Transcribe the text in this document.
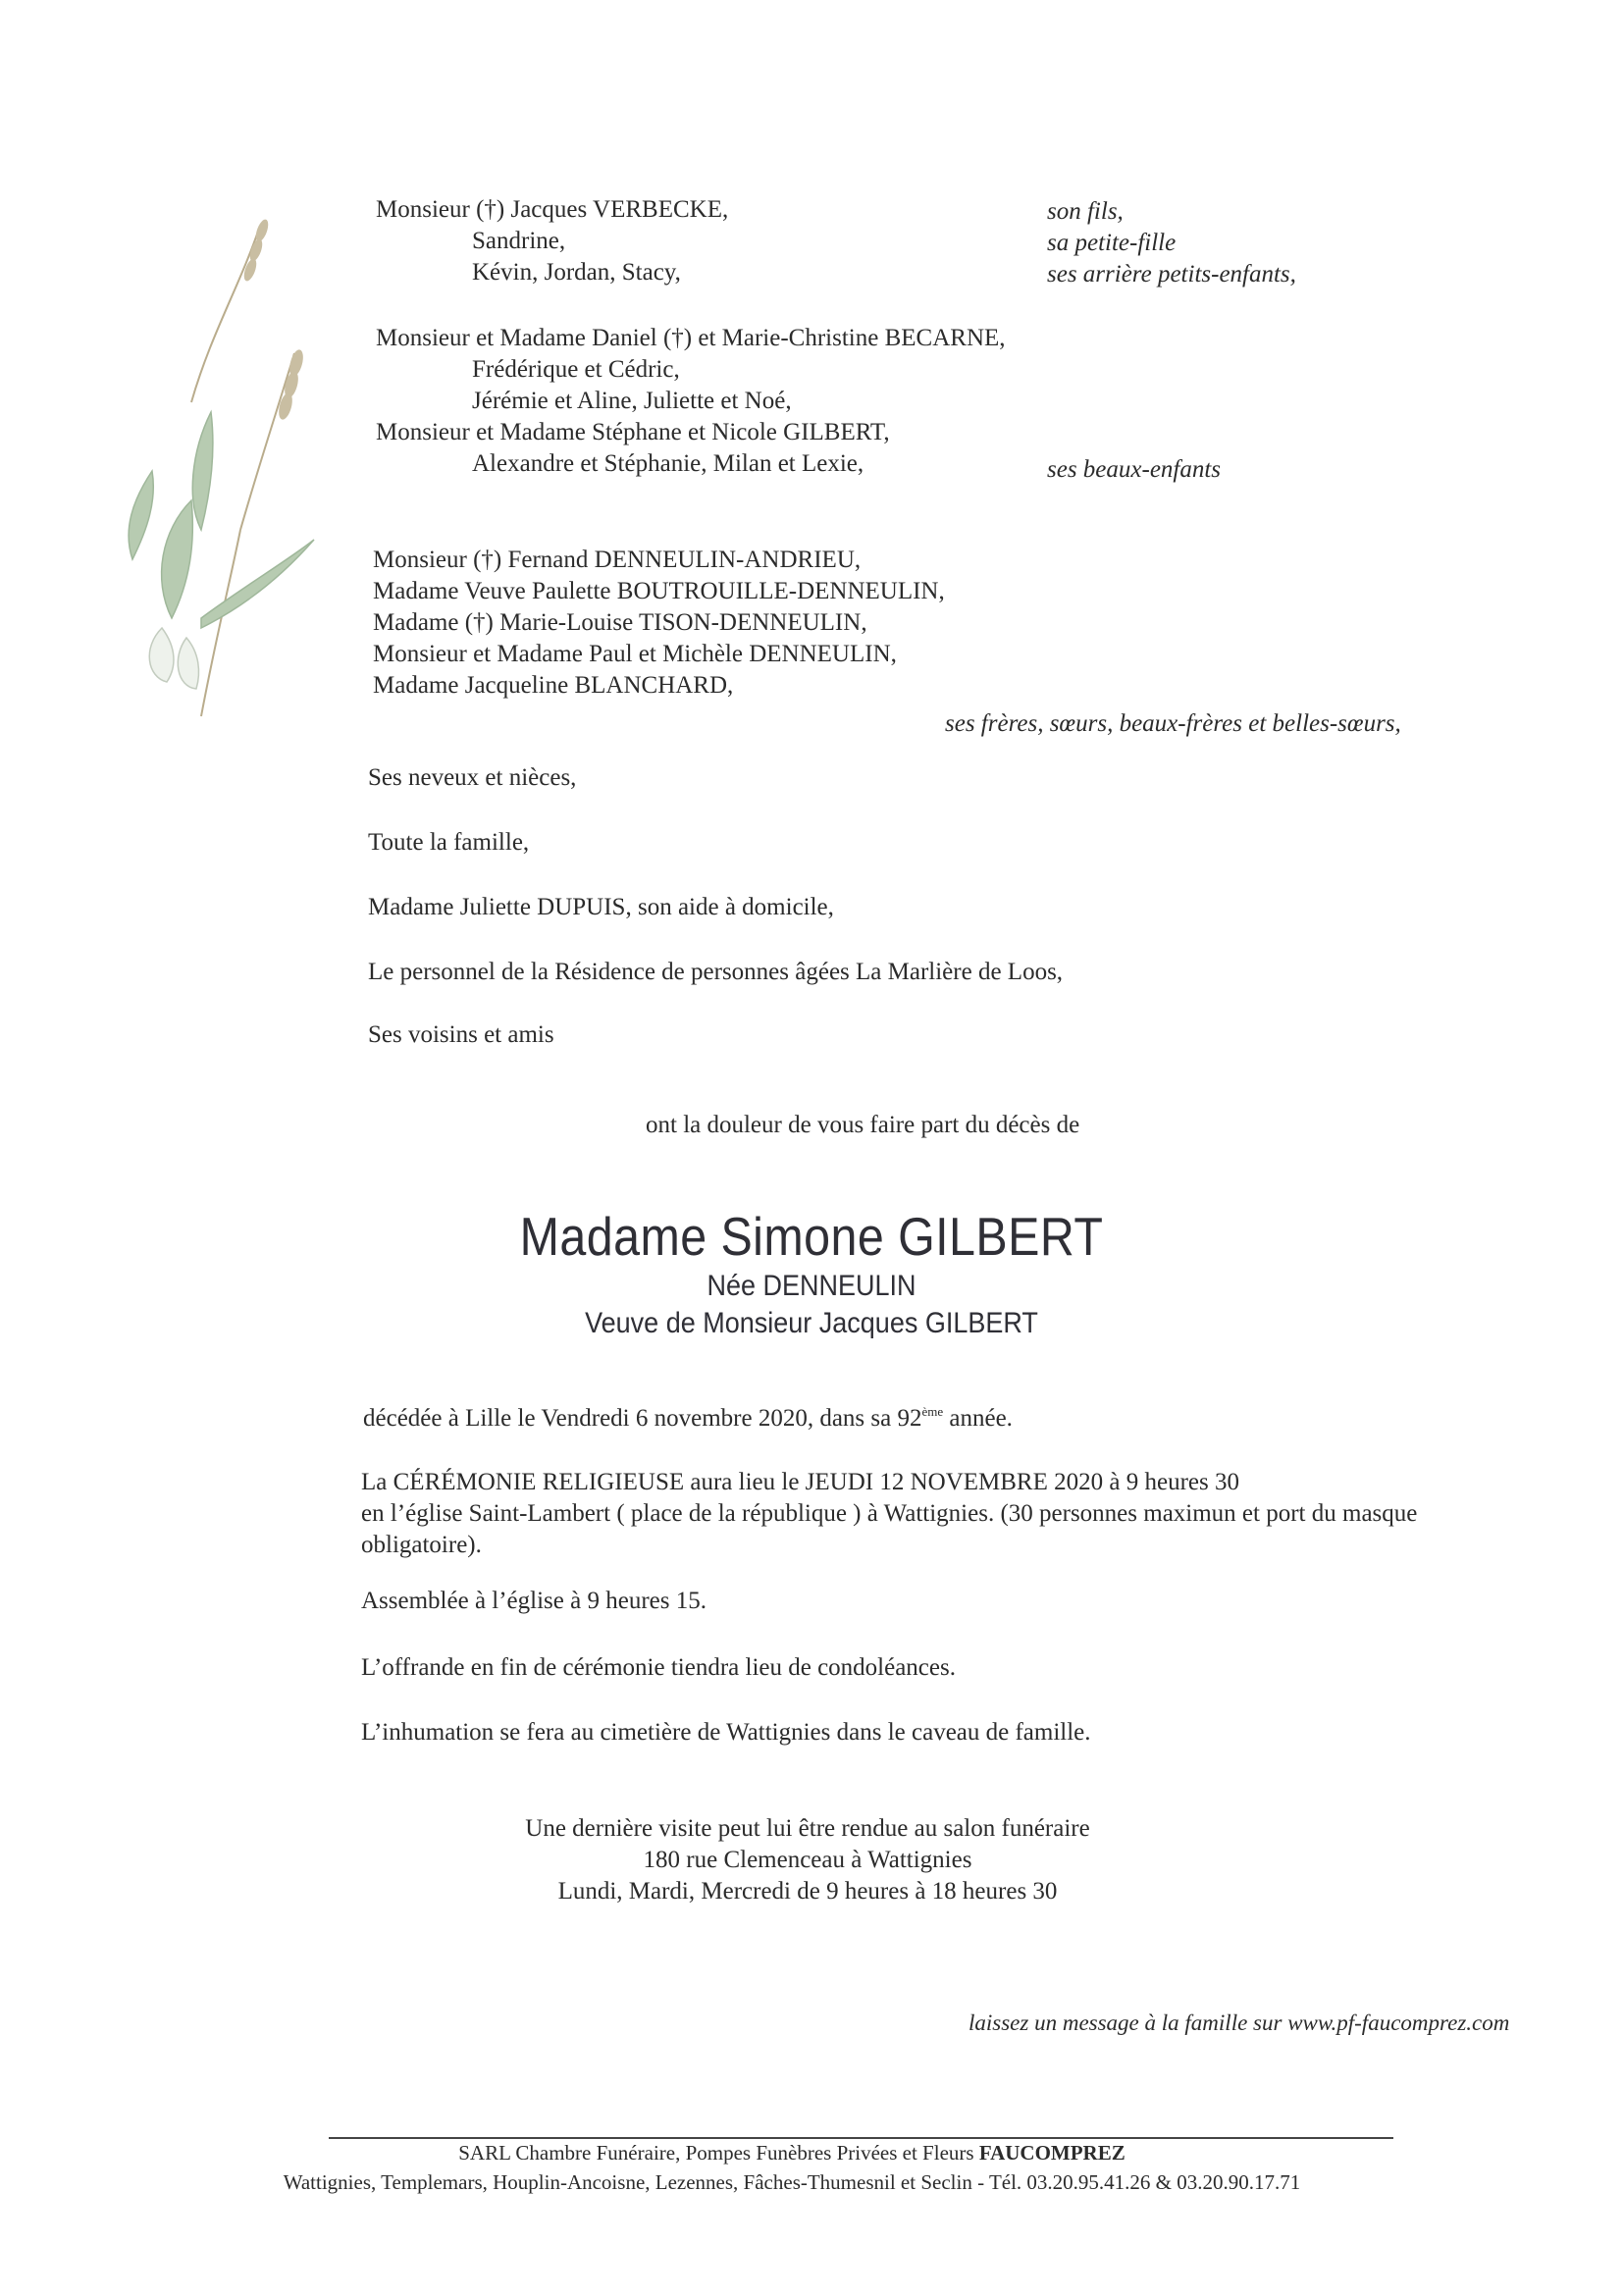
Monsieur (†) Jacques VERBECKE,
Sandrine,
Kévin, Jordan, Stacy,
son fils,
sa petite-fille
ses arrière petits-enfants,
Monsieur et Madame Daniel (†) et Marie-Christine BECARNE,
Frédérique et Cédric,
Jérémie et Aline, Juliette et Noé,
Monsieur et Madame Stéphane et Nicole GILBERT,
Alexandre et Stéphanie, Milan et Lexie,	ses beaux-enfants
Monsieur (†) Fernand DENNEULIN-ANDRIEU,
Madame Veuve Paulette BOUTROUILLE-DENNEULIN,
Madame (†) Marie-Louise TISON-DENNEULIN,
Monsieur et Madame Paul et Michèle DENNEULIN,
Madame Jacqueline BLANCHARD,
ses frères, sœurs, beaux-frères et belles-sœurs,
Ses neveux et nièces,
Toute la famille,
Madame Juliette DUPUIS, son aide à domicile,
Le personnel de la Résidence de personnes âgées La Marlière de Loos,
Ses voisins et amis
ont la douleur de vous faire part du décès de
Madame Simone GILBERT
Née DENNEULIN
Veuve de Monsieur Jacques GILBERT
décédée à Lille le Vendredi 6 novembre 2020, dans sa 92ème année.
La CÉRÉMONIE RELIGIEUSE aura lieu le JEUDI 12 NOVEMBRE 2020 à 9 heures 30
en l’église Saint-Lambert ( place de la république ) à Wattignies. (30 personnes maximun et port du masque
obligatoire).
Assemblée à l’église à 9 heures 15.
L’offrande en fin de cérémonie tiendra lieu de condoléances.
L’inhumation se fera au cimetière de Wattignies dans le caveau de famille.
Une dernière visite peut lui être rendue au salon funéraire
180 rue Clemenceau à Wattignies
Lundi, Mardi, Mercredi de 9 heures à 18 heures 30
laissez un message à la famille sur www.pf-faucomprez.com
SARL Chambre Funéraire, Pompes Funèbres Privées et Fleurs FAUCOMPREZ
Wattignies, Templemars, Houplin-Ancoisne, Lezennes, Fâches-Thumesnil et Seclin - Tél. 03.20.95.41.26 & 03.20.90.17.71
